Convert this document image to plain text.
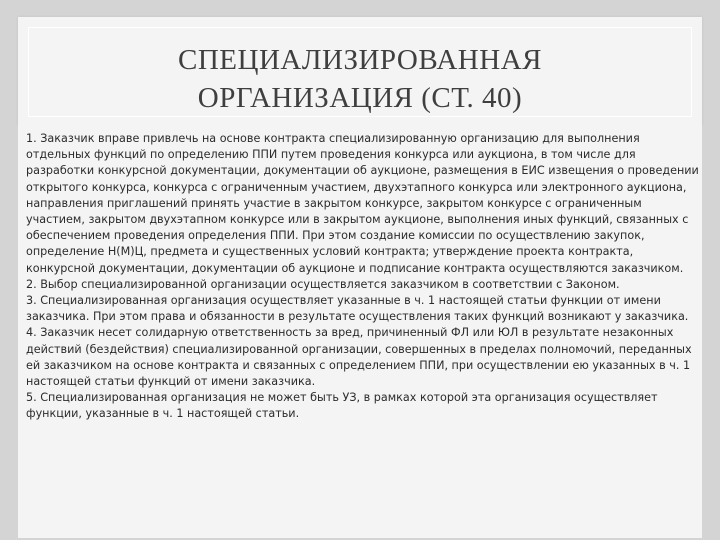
СПЕЦИАЛИЗИРОВАННАЯ
ОРГАНИЗАЦИЯ (СТ. 40)

1. Заказчик вправе привлечь на основе контракта специализированную организацию для выполнения отдельных функций по определению ППИ путем проведения конкурса или аукциона, в том числе для разработки конкурсной документации, документации об аукционе, размещения в ЕИС извещения о проведении открытого конкурса, конкурса с ограниченным участием, двухэтапного конкурса или электронного аукциона, направления приглашений принять участие в закрытом конкурсе, закрытом конкурсе с ограниченным участием, закрытом двухэтапном конкурсе или в закрытом аукционе, выполнения иных функций, связанных с обеспечением проведения определения ППИ. При этом создание комиссии по осуществлению закупок, определение Н(М)Ц, предмета и существенных условий контракта; утверждение проекта контракта, конкурсной документации, документации об аукционе и подписание контракта осуществляются заказчиком.

2. Выбор специализированной организации осуществляется заказчиком в соответствии с Законом.

3. Специализированная организация осуществляет указанные в ч. 1 настоящей статьи функции от имени заказчика. При этом права и обязанности в результате осуществления таких функций возникают у заказчика.

4. Заказчик несет солидарную ответственность за вред, причиненный ФЛ или ЮЛ в результате незаконных действий (бездействия) специализированной организации, совершенных в пределах полномочий, переданных ей заказчиком на основе контракта и связанных с определением ППИ, при осуществлении ею указанных в ч. 1 настоящей статьи функций от имени заказчика.

5. Специализированная организация не может быть УЗ, в рамках которой эта организация осуществляет функции, указанные в ч. 1 настоящей статьи.
